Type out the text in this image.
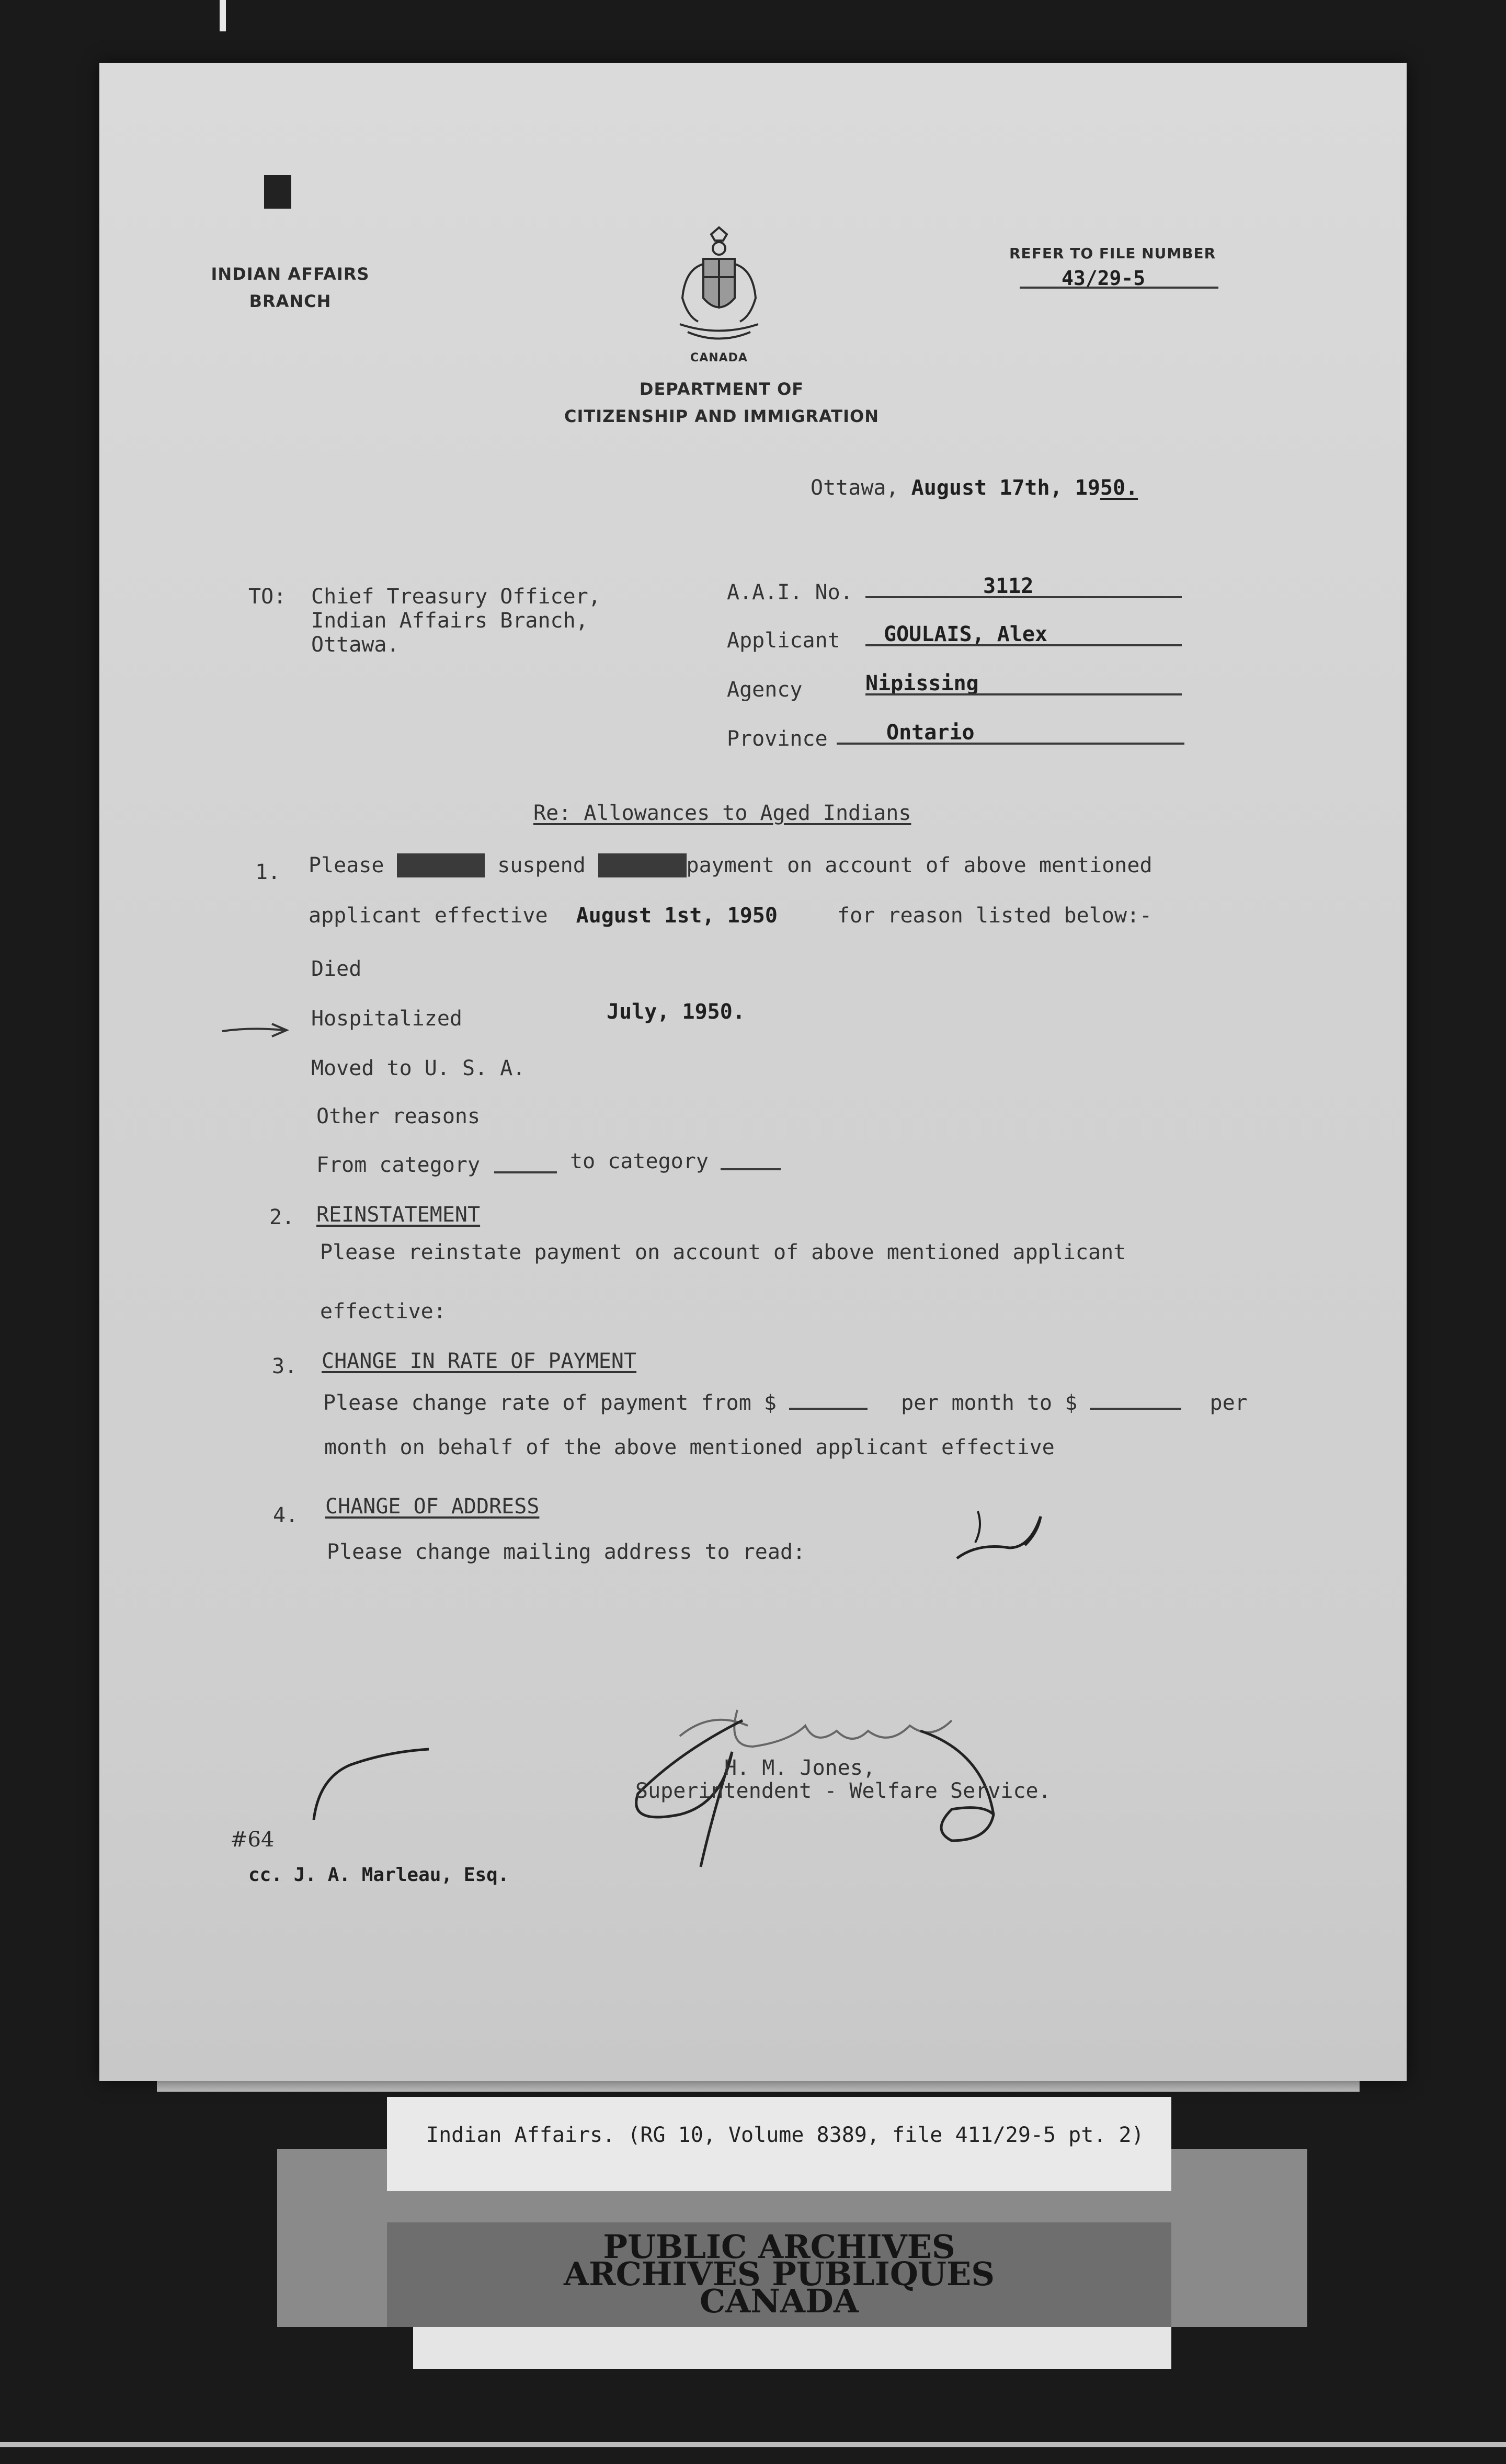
INDIAN AFFAIRS
BRANCH
CANADA
DEPARTMENT OF
CITIZENSHIP AND IMMIGRATION
REFER TO FILE NUMBER
43/29-5
Ottawa, August 17th, 1950.
TO: Chief Treasury Officer,
Indian Affairs Branch,
Ottawa.
A.A.I. No.	3112
Applicant GOULAIS, Alex
Agency	Nipissing
Province	Ontario
Re: Allowances to Aged Indians
1. Please xxxxxxx suspend cbxxxxxpayment on account of above mentioned
applicant effective August 1st, 1950	for reason listed below:-
Died
Hospitalized	July, 1950.
Moved to U. S. A.
Other reasons
From category	to category
2. REINSTATEMENT
Please reinstate payment on account of above mentioned applicant
effective:
3. CHANGE IN RATE OF PAYMENT
Please change rate of payment from $	per month to $	per
month on behalf of the above mentioned applicant effective
4. CHANGE OF ADDRESS
Please change mailing address to read:
H. M. Jones,
Superintendent - Welfare Service.
#64
cc. J. A. Marleau, Esq.
Indian Affairs. (RG 10, Volume 8389, file 411/29-5 pt. 2)
PUBLIC ARCHIVES
ARCHIVES PUBLIQUES
CANADA
